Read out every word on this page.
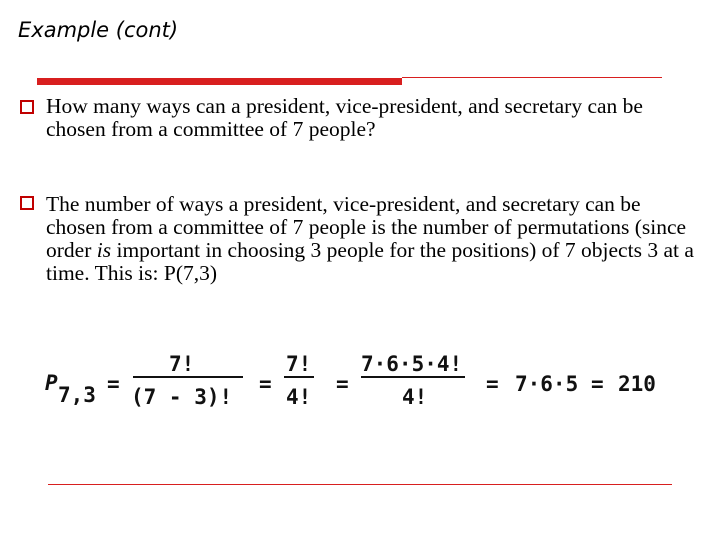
Example (cont)
How many ways can a president, vice-president, and secretary can be chosen from a committee of 7 people?
The number of ways a president, vice-president, and secretary can be chosen from a committee of 7 people is the number of permutations (since order is important in choosing 3 people for the positions) of 7 objects 3 at a time. This is: P(7,3)
P 7,3 =
7!
(7 - 3)!
=
7!
4!
=
7·6·5·4!
4!
= 7·6·5 = 210
